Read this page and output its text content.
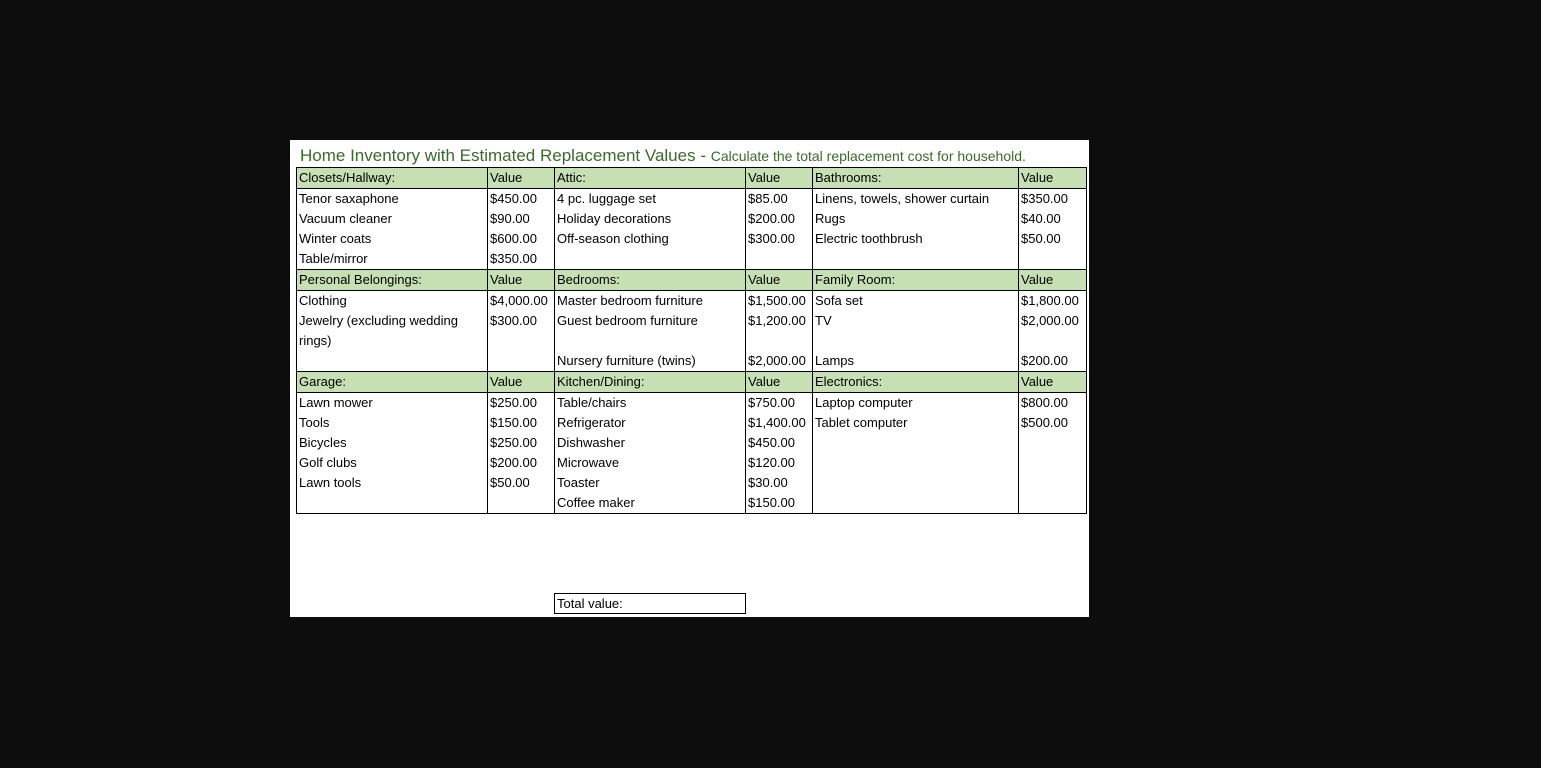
Home Inventory with Estimated Replacement Values - Calculate the total replacement cost for household.
Closets/Hallway:	Value	Attic:	Value	Bathrooms:	Value
Tenor saxaphone	$450.00	4 pc. luggage set	$85.00	Linens, towels, shower curtain	$350.00
Vacuum cleaner	$90.00	Holiday decorations	$200.00	Rugs	$40.00
Winter coats	$600.00	Off-season clothing	$300.00	Electric toothbrush	$50.00
Table/mirror	$350.00				

Personal Belongings:	Value	Bedrooms:	Value	Family Room:	Value
Clothing	$4,000.00	Master bedroom furniture	$1,500.00	Sofa set	$1,800.00
Jewelry (excluding wedding rings)	$300.00	Guest bedroom furniture	$1,200.00	TV	$2,000.00
		Nursery furniture (twins)	$2,000.00	Lamps	$200.00

Garage:	Value	Kitchen/Dining:	Value	Electronics:	Value
Lawn mower	$250.00	Table/chairs	$750.00	Laptop computer	$800.00
Tools	$150.00	Refrigerator	$1,400.00	Tablet computer	$500.00
Bicycles	$250.00	Dishwasher	$450.00		
Golf clubs	$200.00	Microwave	$120.00		
Lawn tools	$50.00	Toaster	$30.00		
		Coffee maker	$150.00		
Total value:
